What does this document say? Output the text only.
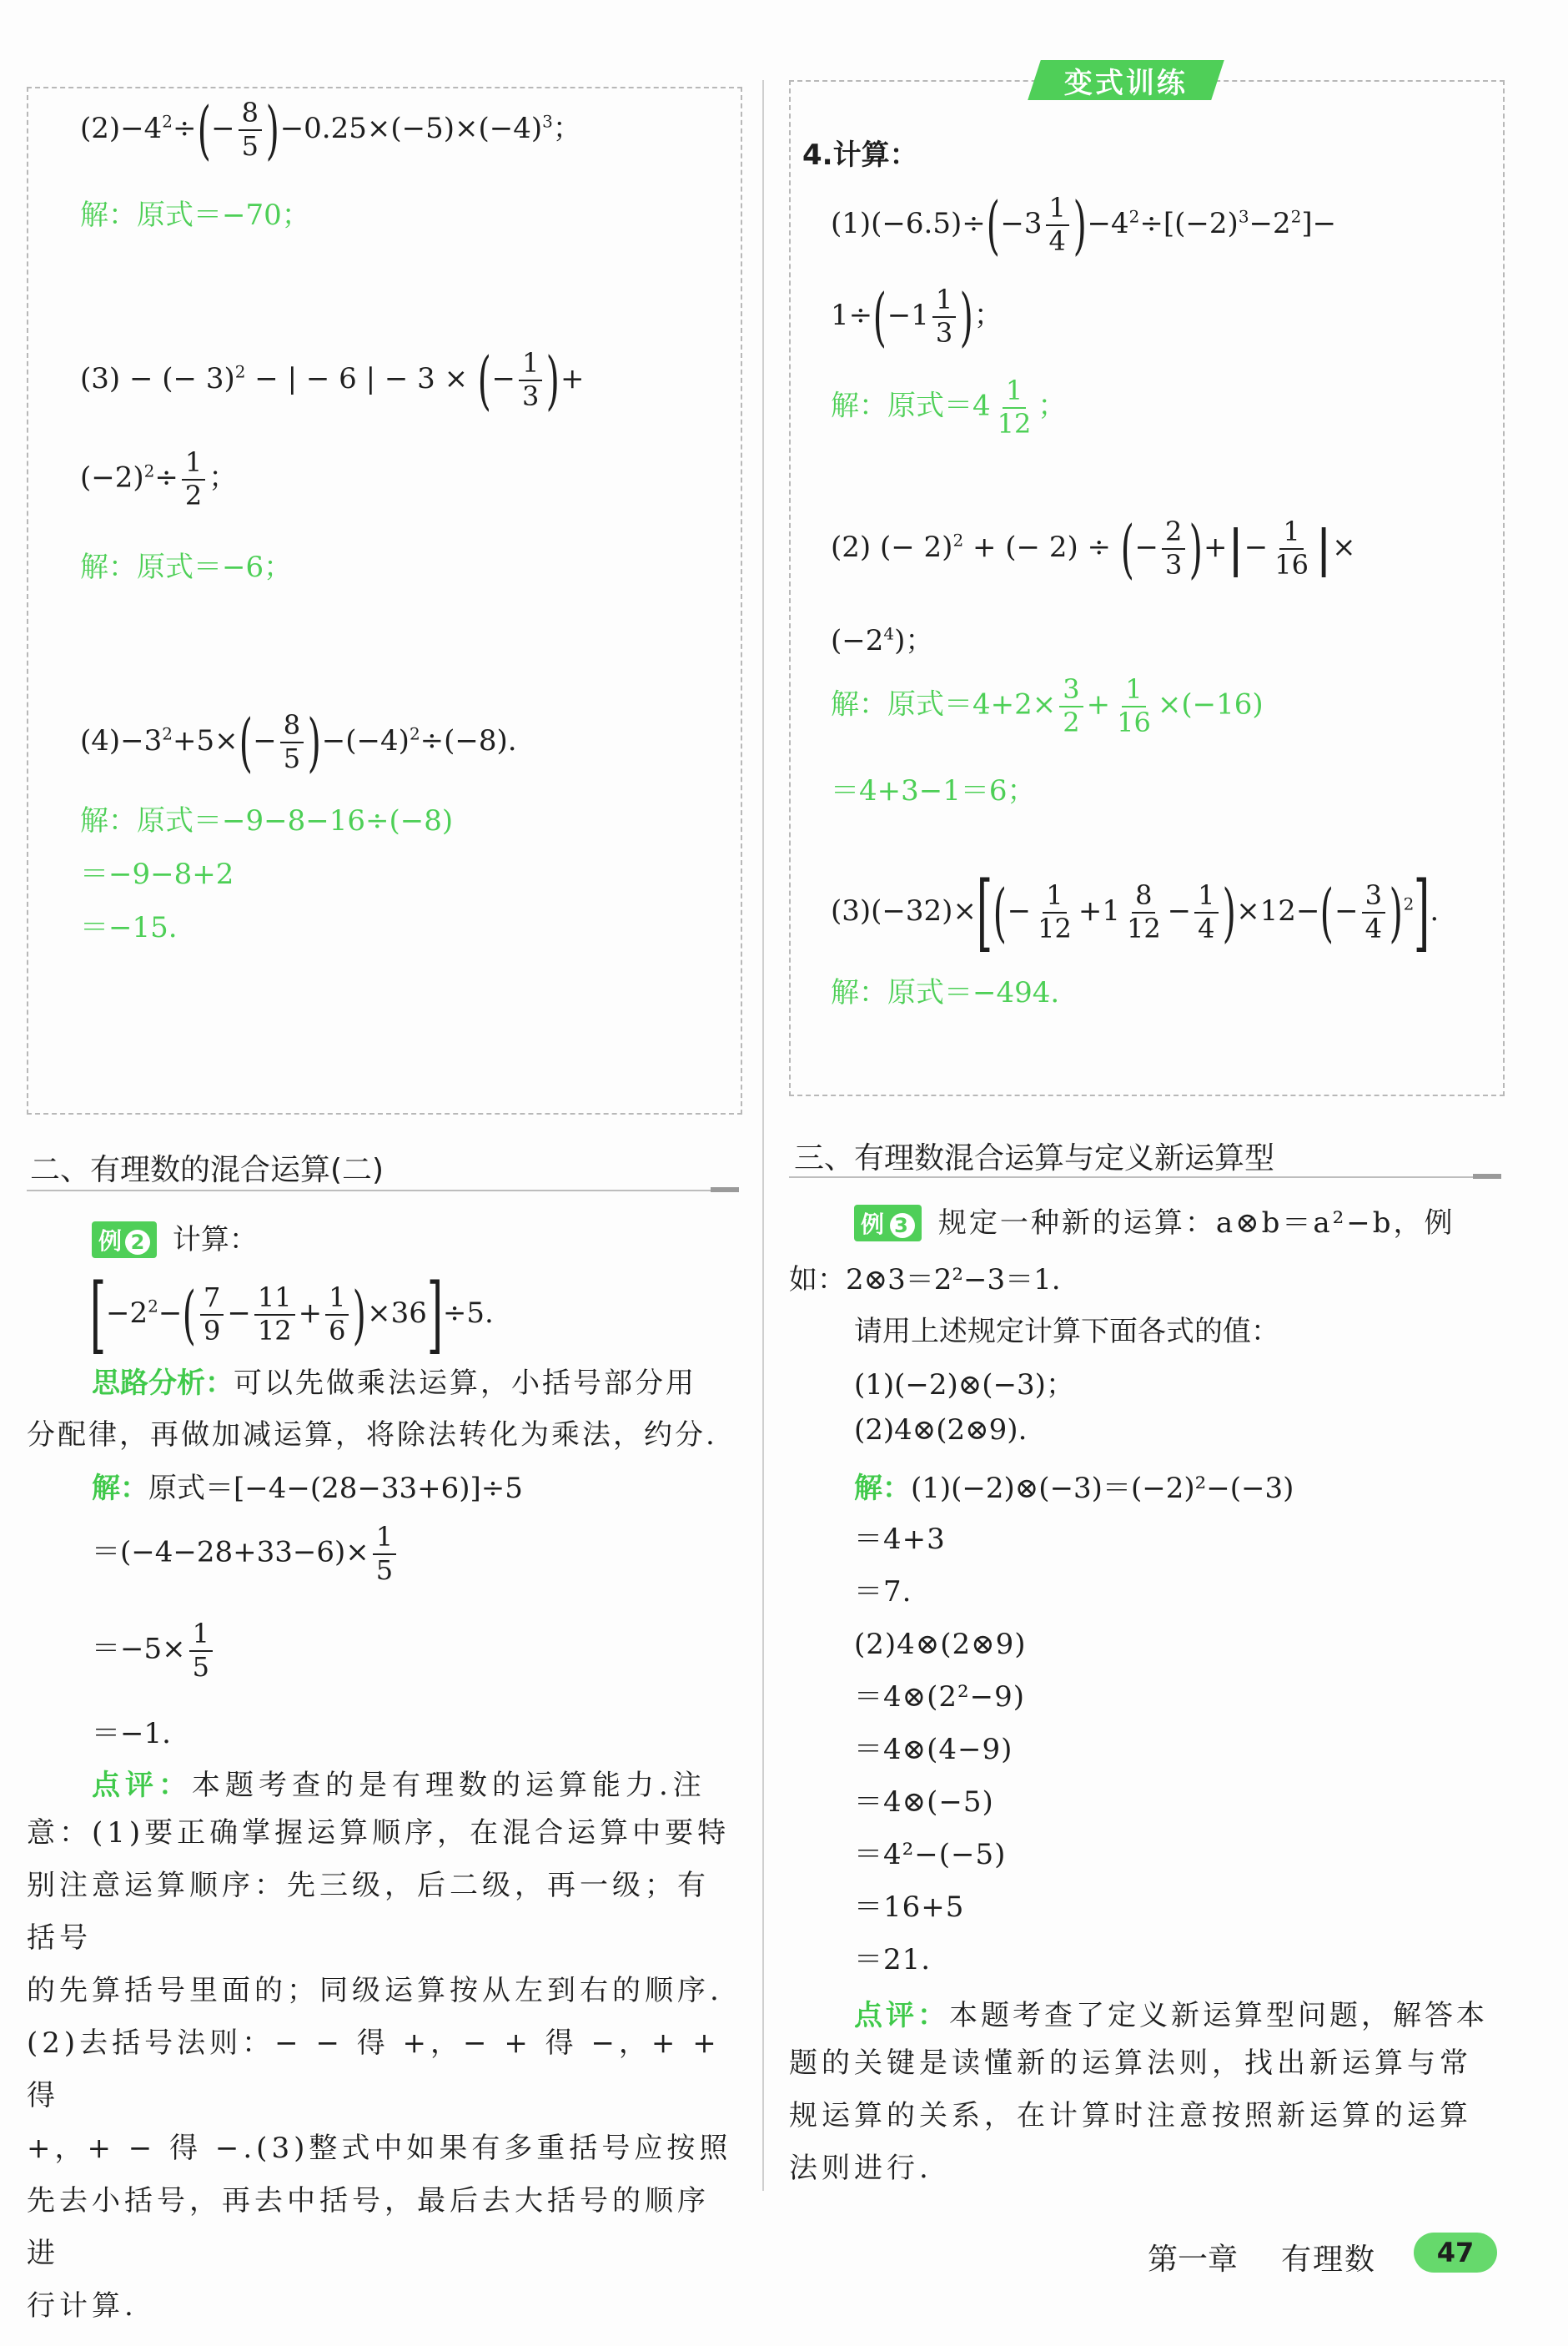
$(2)-4^2\div(- \frac{8}{5} )-0.25\times(-5)\times(-4)^3$；
解：原式＝−70；
(3) − (− 3)$^2$ − | − 6 | − 3 × (− $\frac{1}{3}$ )+
$(-2)^2\div \frac{1}{2}$ ；
解：原式＝−6；
$(4)-3^2+5\times(- \frac{8}{5} )-(-4)^2\div(-8)$.
解：原式＝−9−8−16÷(−8)
＝−9−8+2
＝−15.
变式训练
4.计算：
$(1)(-6.5)\div(-3 \frac{1}{4} )-4^2\div[(-2)^3-2^2]-$
$1\div(-1 \frac{1}{3}$ )；
解：原式$=4 \frac{1}{12}$ ；
(2) (− 2)$^2$ + (− 2) ÷ (− $\frac{2}{3}$ )+|− $\frac{1}{16}$ |×
$(-2^4)$；
解：原式$=4+2\times \frac{3}{2} + \frac{1}{16} \times(-16)$
＝4+3−1＝6；
$(3)(-32)\times[(- \frac{1}{12} +1 \frac{8}{12} - \frac{1}{4} )\times 12-(- \frac{3}{4} )^2]$.
解：原式＝−494.
二、有理数的混合运算(二)
例 2 计算：
$[-2^2-( \frac{7}{9} - \frac{11}{12} + \frac{1}{6} )\times 36]\div 5$.
思路分析：可以先做乘法运算，小括号部分用
分配律，再做加减运算，将除法转化为乘法，约分.
解：原式＝[−4−(28−33+6)]÷5
$=(-4-28+33-6)\times \frac{1}{5}$
$=-5\times \frac{1}{5}$
＝−1.
点评：本题考查的是有理数的运算能力.注
意：(1)要正确掌握运算顺序，在混合运算中要特
别注意运算顺序：先三级，后二级，再一级；有括号
的先算括号里面的；同级运算按从左到右的顺序.
(2)去括号法则：− − 得 +，− + 得 −，+ + 得
+，+ − 得 −.(3)整式中如果有多重括号应按照
先去小括号，再去中括号，最后去大括号的顺序进
行计算.
三、有理数混合运算与定义新运算型
例 3 规定一种新的运算：a⊗b＝a²−b，例
如：2⊗3＝2²−3＝1.
请用上述规定计算下面各式的值：
(1)(−2)⊗(−3)；
(2)4⊗(2⊗9).
解：(1)(−2)⊗(−3)＝(−2)²−(−3)
＝4+3
＝7.
(2)4⊗(2⊗9)
＝4⊗(2²−9)
＝4⊗(4−9)
＝4⊗(−5)
＝4²−(−5)
＝16+5
＝21.
点评：本题考查了定义新运算型问题，解答本
题的关键是读懂新的运算法则，找出新运算与常
规运算的关系，在计算时注意按照新运算的运算
法则进行.
第一章 有理数	47
